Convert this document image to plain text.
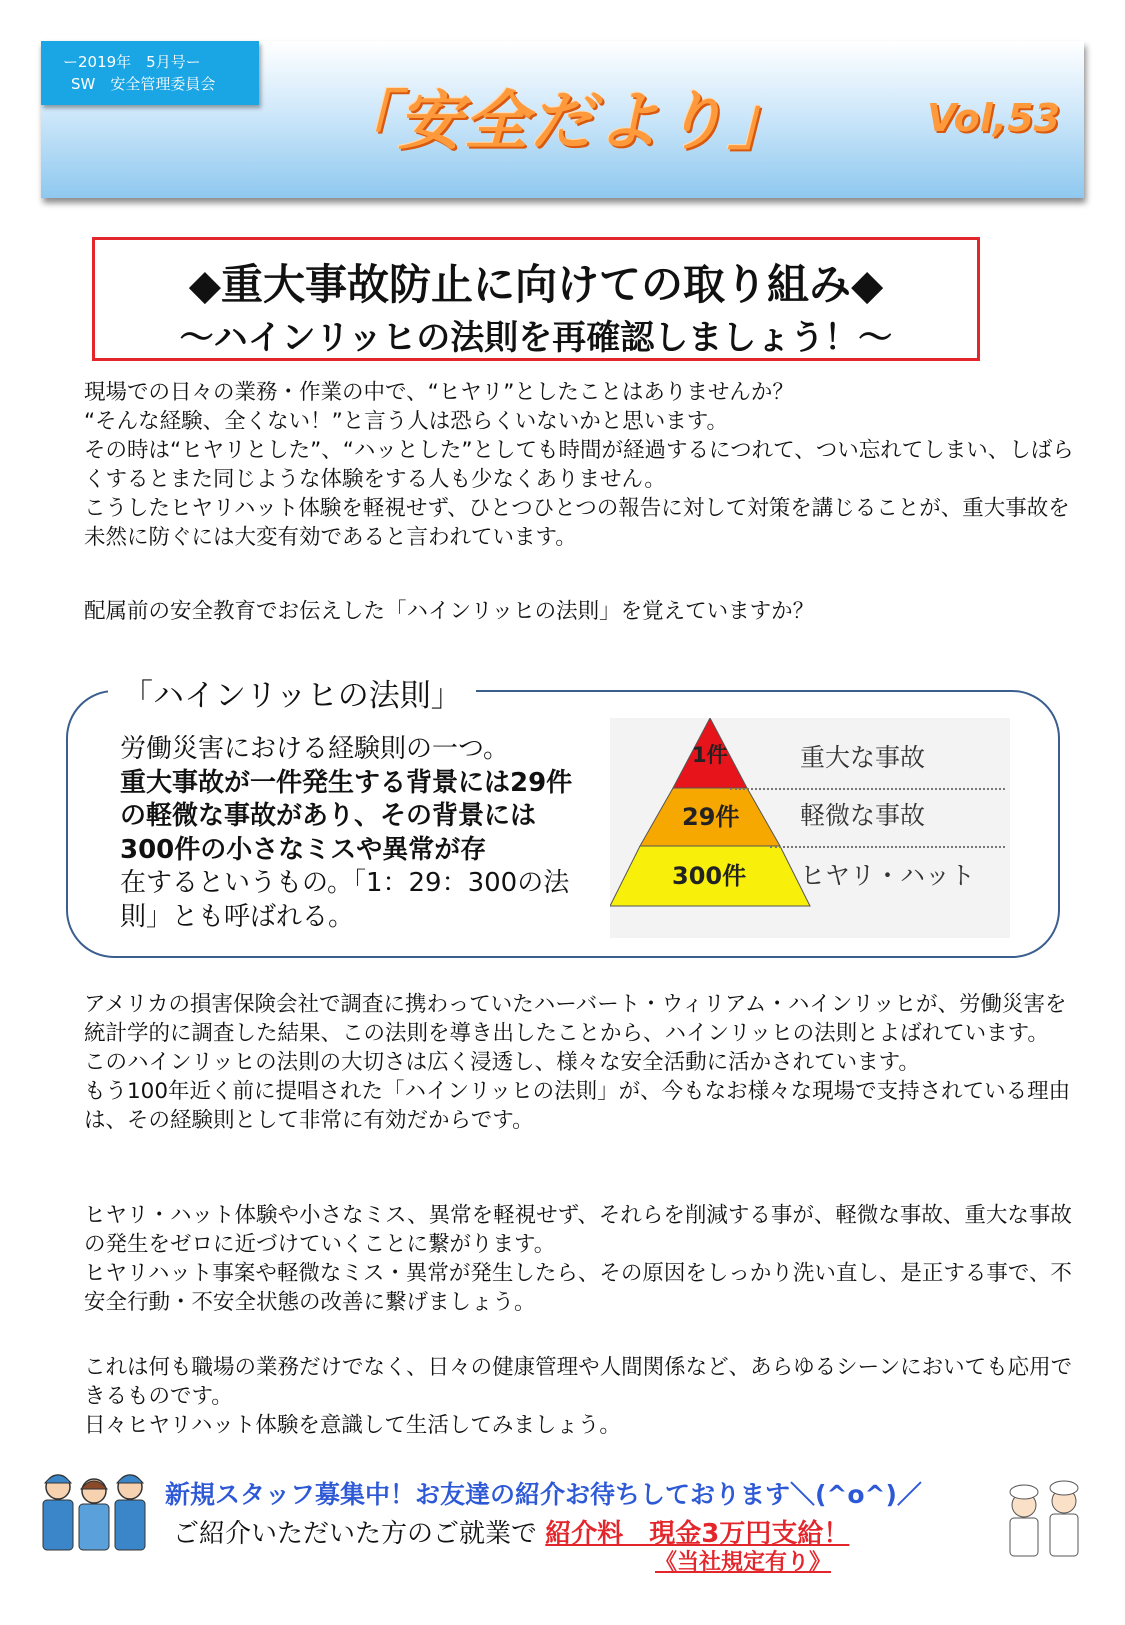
ー2019年　5月号ー
SW　安全管理委員会
「安全だより」	Vol,53
◆重大事故防止に向けての取り組み◆
～ハインリッヒの法則を再確認しましょう！～

現場での日々の業務・作業の中で、“ヒヤリ”としたことはありませんか？

“そんな経験、全くない！”と言う人は恐らくいないかと思います。

その時は“ヒヤリとした”、“ハッとした”としても時間が経過するにつれて、つい忘れてしまい、しばらくするとまた同じような体験をする人も少なくありません。

こうしたヒヤリハット体験を軽視せず、ひとつひとつの報告に対して対策を講じることが、重大事故を未然に防ぐには大変有効であると言われています。

配属前の安全教育でお伝えした「ハインリッヒの法則」を覚えていますか？
「ハインリッヒの法則」

労働災害における経験則の一つ。

重大事故が一件発生する背景には29件の軽微な事故があり、その背景には300件の小さなミスや異常が存

在するというもの。「1：29：300の法則」とも呼ばれる。

1件
29件
300件
重大な事故
軽微な事故
ヒヤリ・ハット

アメリカの損害保険会社で調査に携わっていたハーバート・ウィリアム・ハインリッヒが、労働災害を統計学的に調査した結果、この法則を導き出したことから、ハインリッヒの法則とよばれています。

このハインリッヒの法則の大切さは広く浸透し、様々な安全活動に活かされています。

もう100年近く前に提唱された「ハインリッヒの法則」が、今もなお様々な現場で支持されている理由は、その経験則として非常に有効だからです。

ヒヤリ・ハット体験や小さなミス、異常を軽視せず、それらを削減する事が、軽微な事故、重大な事故の発生をゼロに近づけていくことに繋がります。

ヒヤリハット事案や軽微なミス・異常が発生したら、その原因をしっかり洗い直し、是正する事で、不安全行動・不安全状態の改善に繋げましょう。

これは何も職場の業務だけでなく、日々の健康管理や人間関係など、あらゆるシーンにおいても応用できるものです。

日々ヒヤリハット体験を意識して生活してみましょう。

新規スタッフ募集中！お友達の紹介お待ちしております＼(^o^)／
ご紹介いただいた方のご就業で 紹介料　現金3万円支給！
《当社規定有り》
